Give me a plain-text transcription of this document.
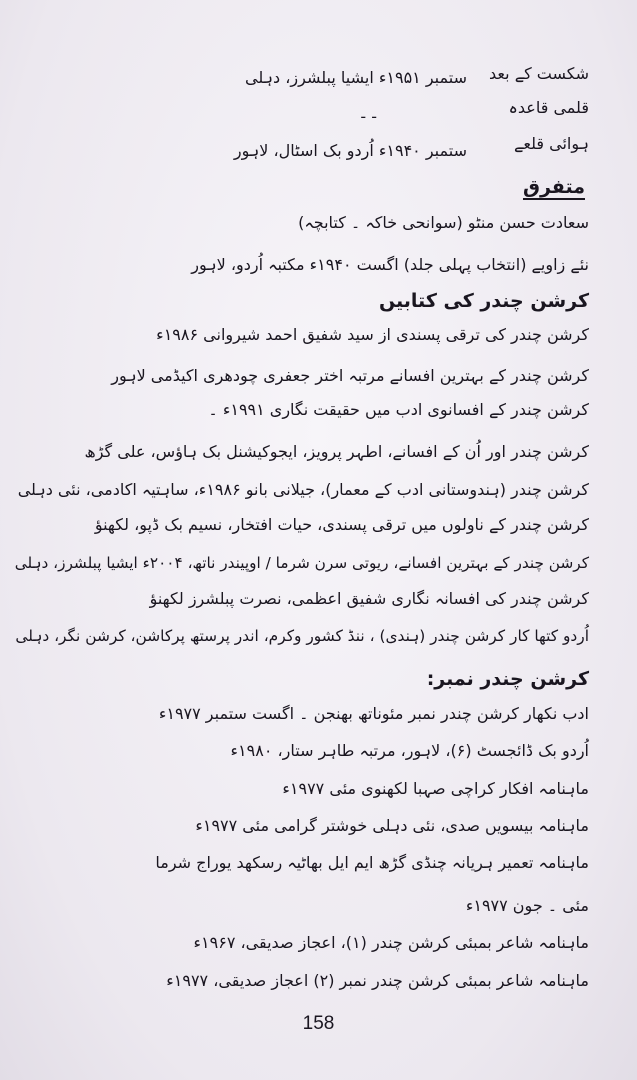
شکست کے بعد
ستمبر ۱۹۵۱ء ایشیا پبلشرز، دہلی
قلمی قاعدہ
- -
ہوائی قلعے
ستمبر ۱۹۴۰ء اُردو بک اسٹال، لاہور
متفرق
سعادت حسن منٹو (سوانحی خاکہ ۔ کتابچہ)
نئے زاویے (انتخاب پہلی جلد) اگست ۱۹۴۰ء مکتبہ اُردو، لاہور
کرشن چندر کی کتابیں
کرشن چندر کی ترقی پسندی از سید شفیق احمد شیروانی ۱۹۸۶ء
کرشن چندر کے بہترین افسانے مرتبہ اختر جعفری چودھری اکیڈمی لاہور
کرشن چندر کے افسانوی ادب میں حقیقت نگاری ۱۹۹۱ء ۔
کرشن چندر اور اُن کے افسانے، اطہر پرویز، ایجوکیشنل بک ہاؤس، علی گڑھ
کرشن چندر (ہندوستانی ادب کے معمار)، جیلانی بانو ۱۹۸۶ء، ساہتیہ اکادمی، نئی دہلی
کرشن چندر کے ناولوں میں ترقی پسندی، حیات افتخار، نسیم بک ڈپو، لکھنؤ
کرشن چندر کے بہترین افسانے، ریوتی سرن شرما / اوپیندر ناتھ، ۲۰۰۴ء ایشیا پبلشرز، دہلی
کرشن چندر کی افسانہ نگاری شفیق اعظمی، نصرت پبلشرز لکھنؤ
اُردو کتھا کار کرشن چندر (ہندی) ، ننڈ کشور وکرم، اندر پرستھ پرکاشن، کرشن نگر، دہلی
کرشن چندر نمبر:
ادب نکھار کرشن چندر نمبر مئوناتھ بھنجن ۔ اگست ستمبر ۱۹۷۷ء
اُردو بک ڈائجسٹ (۶)، لاہور، مرتبہ طاہر ستار، ۱۹۸۰ء
ماہنامہ افکار کراچی صہبا لکھنوی مئی ۱۹۷۷ء
ماہنامہ بیسویں صدی، نئی دہلی خوشتر گرامی مئی ۱۹۷۷ء
ماہنامہ تعمیر ہریانہ چنڈی گڑھ ایم ایل بھاٹیہ رسکھد یوراج شرما
مئی ۔ جون ۱۹۷۷ء
ماہنامہ شاعر بمبئی کرشن چندر (۱)، اعجاز صدیقی، ۱۹۶۷ء
ماہنامہ شاعر بمبئی کرشن چندر نمبر (۲) اعجاز صدیقی، ۱۹۷۷ء
158
